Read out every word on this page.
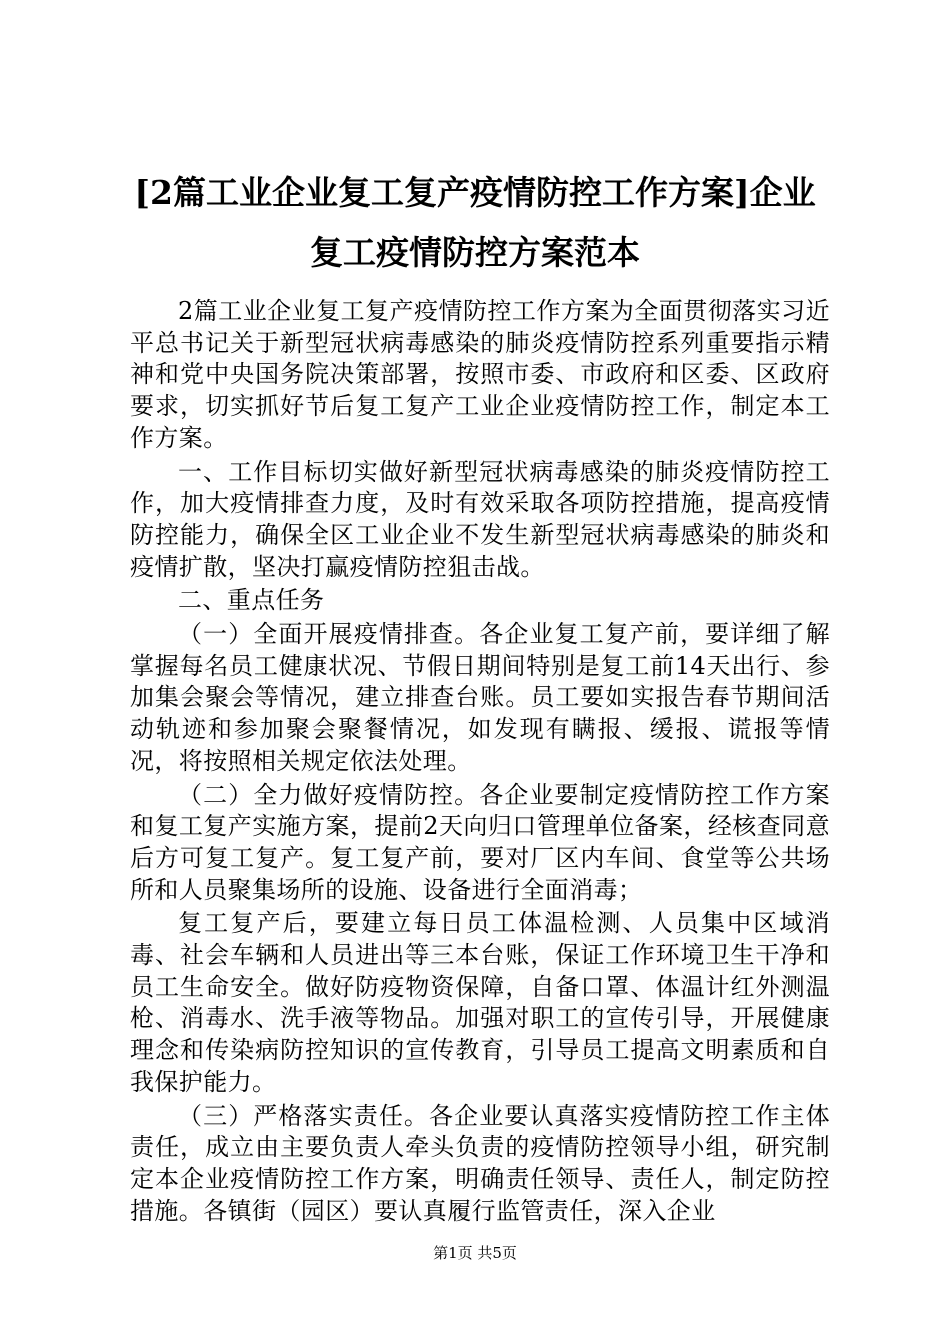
[2篇工业企业复工复产疫情防控工作方案]企业复工疫情防控方案范本

2篇工业企业复工复产疫情防控工作方案为全面贯彻落实习近平总书记关于新型冠状病毒感染的肺炎疫情防控系列重要指示精神和党中央国务院决策部署，按照市委、市政府和区委、区政府要求，切实抓好节后复工复产工业企业疫情防控工作，制定本工作方案。

一、工作目标切实做好新型冠状病毒感染的肺炎疫情防控工作，加大疫情排查力度，及时有效采取各项防控措施，提高疫情防控能力，确保全区工业企业不发生新型冠状病毒感染的肺炎和疫情扩散，坚决打赢疫情防控狙击战。

二、重点任务

（一）全面开展疫情排查。各企业复工复产前，要详细了解掌握每名员工健康状况、节假日期间特别是复工前14天出行、参加集会聚会等情况，建立排查台账。员工要如实报告春节期间活动轨迹和参加聚会聚餐情况，如发现有瞒报、缓报、谎报等情况，将按照相关规定依法处理。

（二）全力做好疫情防控。各企业要制定疫情防控工作方案和复工复产实施方案，提前2天向归口管理单位备案，经核查同意后方可复工复产。复工复产前，要对厂区内车间、食堂等公共场所和人员聚集场所的设施、设备进行全面消毒；

复工复产后，要建立每日员工体温检测、人员集中区域消毒、社会车辆和人员进出等三本台账，保证工作环境卫生干净和员工生命安全。做好防疫物资保障，自备口罩、体温计红外测温枪、消毒水、洗手液等物品。加强对职工的宣传引导，开展健康理念和传染病防控知识的宣传教育，引导员工提高文明素质和自我保护能力。

（三）严格落实责任。各企业要认真落实疫情防控工作主体责任，成立由主要负责人牵头负责的疫情防控领导小组，研究制定本企业疫情防控工作方案，明确责任领导、责任人，制定防控措施。各镇街（园区）要认真履行监管责任，深入企业

第1页 共5页
